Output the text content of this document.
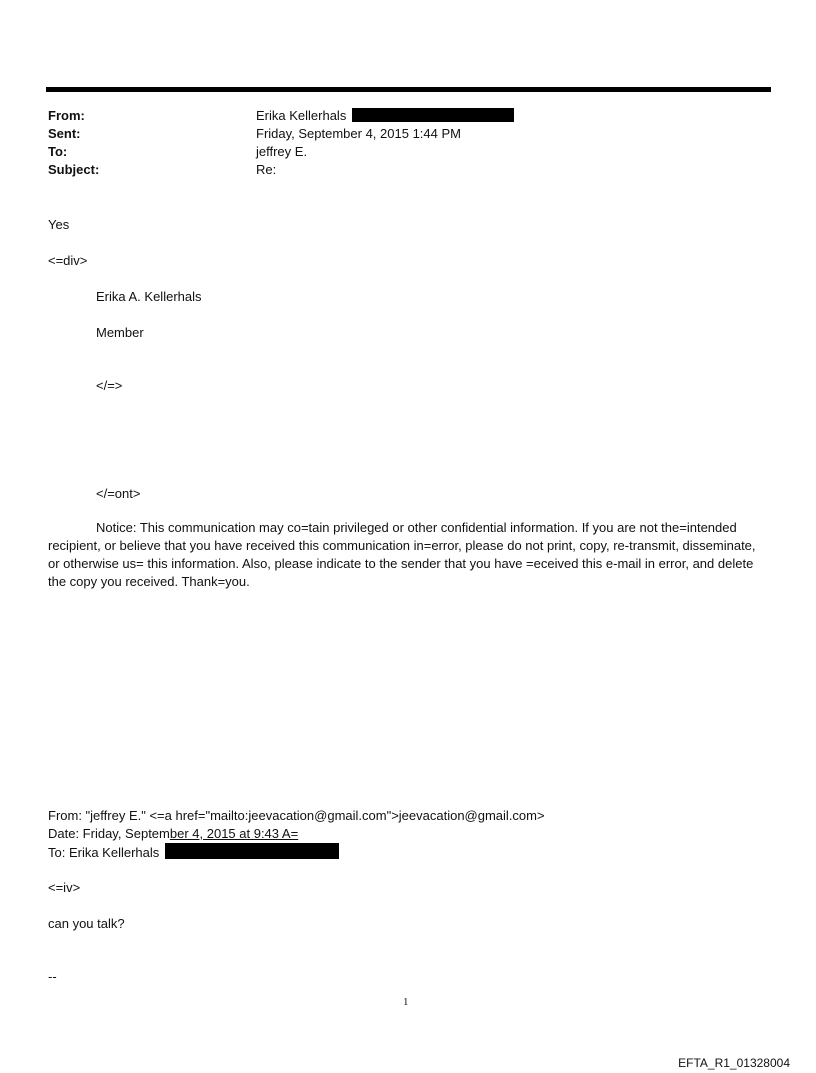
From:	Erika Kellerhals
Sent:	Friday, September 4, 2015 1:44 PM
To:	jeffrey E.
Subject:	Re:
Yes
<=div>
Erika A. Kellerhals
Member
</=>
</=ont>

Notice: This communication may co=tain privileged or other confidential information. If you are not the=intended recipient, or believe that you have received this communication in=error, please do not print, copy, re-transmit, disseminate, or otherwise us= this information. Also, please indicate to the sender that you have =eceived this e-mail in error, and delete the copy you received. Thank=you.

From: "jeffrey E." <=a href="mailto:jeevacation@gmail.com">jeevacation@gmail.com>
Date: Friday, September 4, 2015 at 9:43 A=
To: Erika Kellerhals
<=iv>
can you talk?
--
1
EFTA_R1_01328004
